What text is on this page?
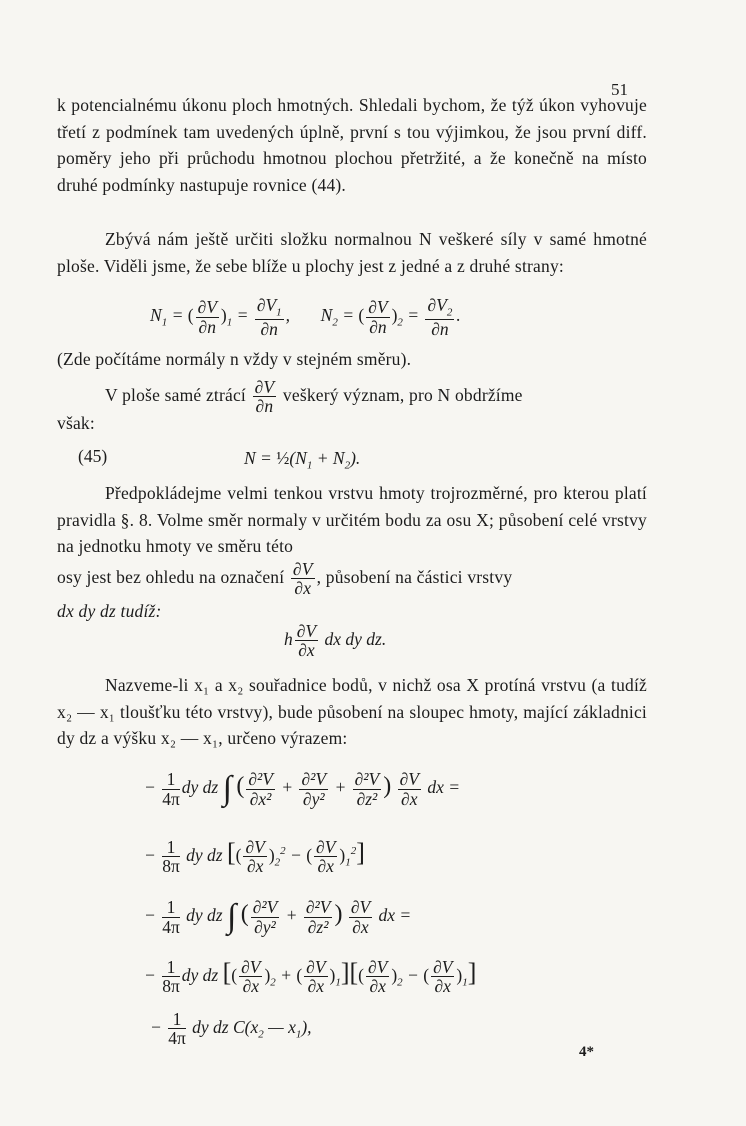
51
k potencialnému úkonu ploch hmotných. Shledali bychom, že týž úkon vyhovuje třetí z podmínek tam uvedených úplně, první s tou výjimkou, že jsou první diff. poměry jeho při průchodu hmotnou plochou přetržité, a že konečně na místo druhé podmínky nastupuje rovnice (44).
Zbývá nám ještě určiti složku normalnou N veškeré síly v samé hmotné ploše. Viděli jsme, že sebe blíže u plochy jest z jedné a z druhé strany:
$N_1$ = ( $\frac{\partial V}{\partial n} )_1 = \frac{\partial V_1}{\partial n}$ ,       $N_2$ = ( $\frac{\partial V}{\partial n} )_2 = \frac{\partial V_2}{\partial n}$ .
(Zde počítáme normály n vždy v stejném směru).
V ploše samé ztrácí $\frac{\partial V}{\partial n}$ veškerý význam, pro N obdržíme
však:
(45)	$N = \frac{1}{2}(N_1 + N_2)$.
Předpokládejme velmi tenkou vrstvu hmoty trojrozměrné, pro kterou platí pravidla §. 8. Volme směr normaly v určitém bodu za osu X; působení celé vrstvy na jednotku hmoty ve směru této
osy jest bez ohledu na označení $\frac{\partial V}{\partial x}$ , působení na částici vrstvy
dx dy dz tudíž:
h $\frac{\partial V}{\partial x}$ dx dy dz.
Nazveme-li x₁ a x₂ souřadnice bodů, v nichž osa X protíná vrstvu (a tudíž x₂ — x₁ tloušťku této vrstvy), bude působení na sloupec hmoty, mající základnici dy dz a výšku x₂ — x₁, určeno výrazem:
− $\frac{1}{4\pi}$ dy dz ∫ ( $\frac{\text{∂²V}}{\text{∂x²}} + \frac{\text{∂²V}}{\text{∂y²}} + \frac{\text{∂²V}}{\text{∂z²}}$ ) $\frac{\partial V}{\partial x}$ dx =
− $\frac{1}{8\pi}$ dy dz [( $\frac{\partial V}{\partial x} )_2^2$ − ( $\frac{\partial V}{\partial x} )_1^2$]
− $\frac{1}{4\pi}$ dy dz ∫ ( $\frac{\text{∂²V}}{\text{∂y²}} + \frac{\text{∂²V}}{\text{∂z²}}$ ) $\frac{\partial V}{\partial x}$ dx =
− $\frac{1}{8\pi}$ dy dz [( $\frac{\partial V}{\partial x} )_2$ + ( $\frac{\partial V}{\partial x} )_1][( \frac{\partial V}{\partial x} )_2$ − ( $\frac{\partial V}{\partial x} )_1$]
− $\frac{1}{4\pi}$ dy dz $C(x_2$ — $x_1$),
4*
